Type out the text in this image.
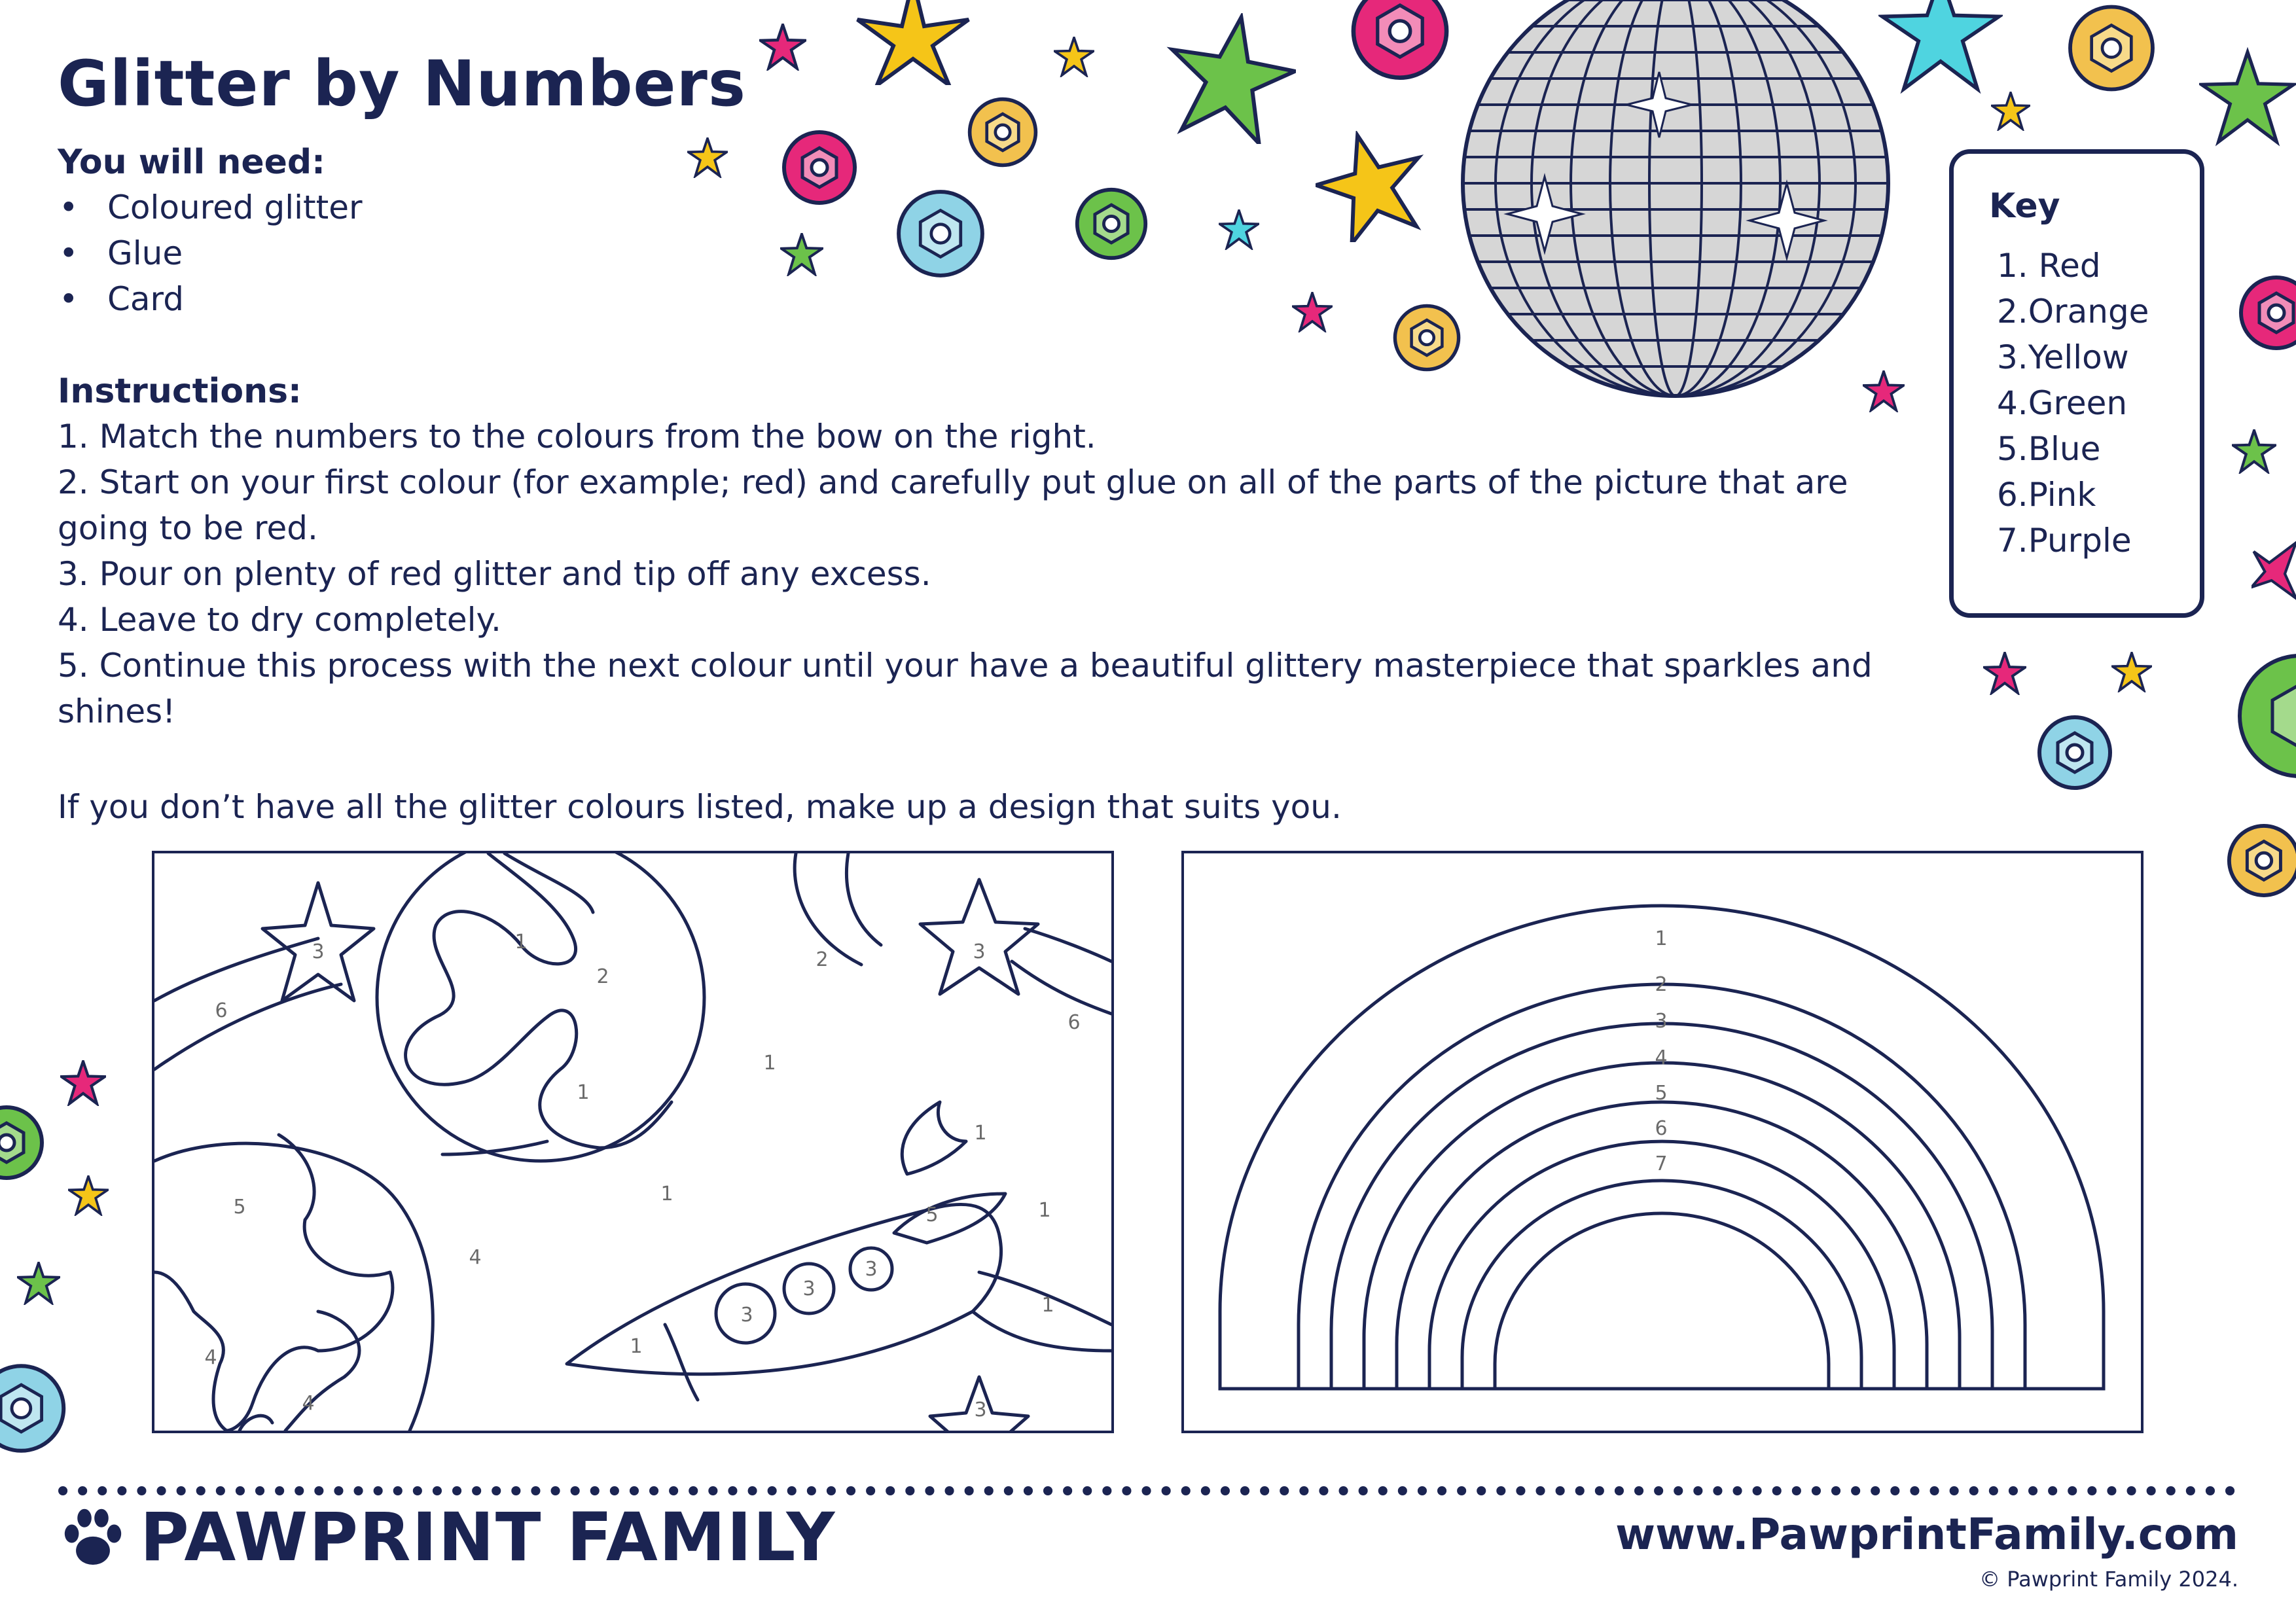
Glitter by Numbers
You will need:
• Coloured glitter
• Glue
• Card
Instructions:
1. Match the numbers to the colours from the bow on the right.
2. Start on your first colour (for example; red) and carefully put glue on all of the parts of the picture that are going to be red.
3. Pour on plenty of red glitter and tip off any excess.
4. Leave to dry completely.
5. Continue this process with the next colour until your have a beautiful glittery masterpiece that sparkles and shines!
If you don’t have all the glitter colours listed, make up a design that suits you.
Key
1. Red
2.Orange
3.Yellow
4.Green
5.Blue
6.Pink
7.Purple
3
6
1
2
1
1
2
1
3
6
1
5
4
4
4
1
5
3
3
3
1
1
3
1
2
3
4
5
6
7
PAWPRINT FAMILY	www.PawprintFamily.com
© Pawprint Family 2024.
